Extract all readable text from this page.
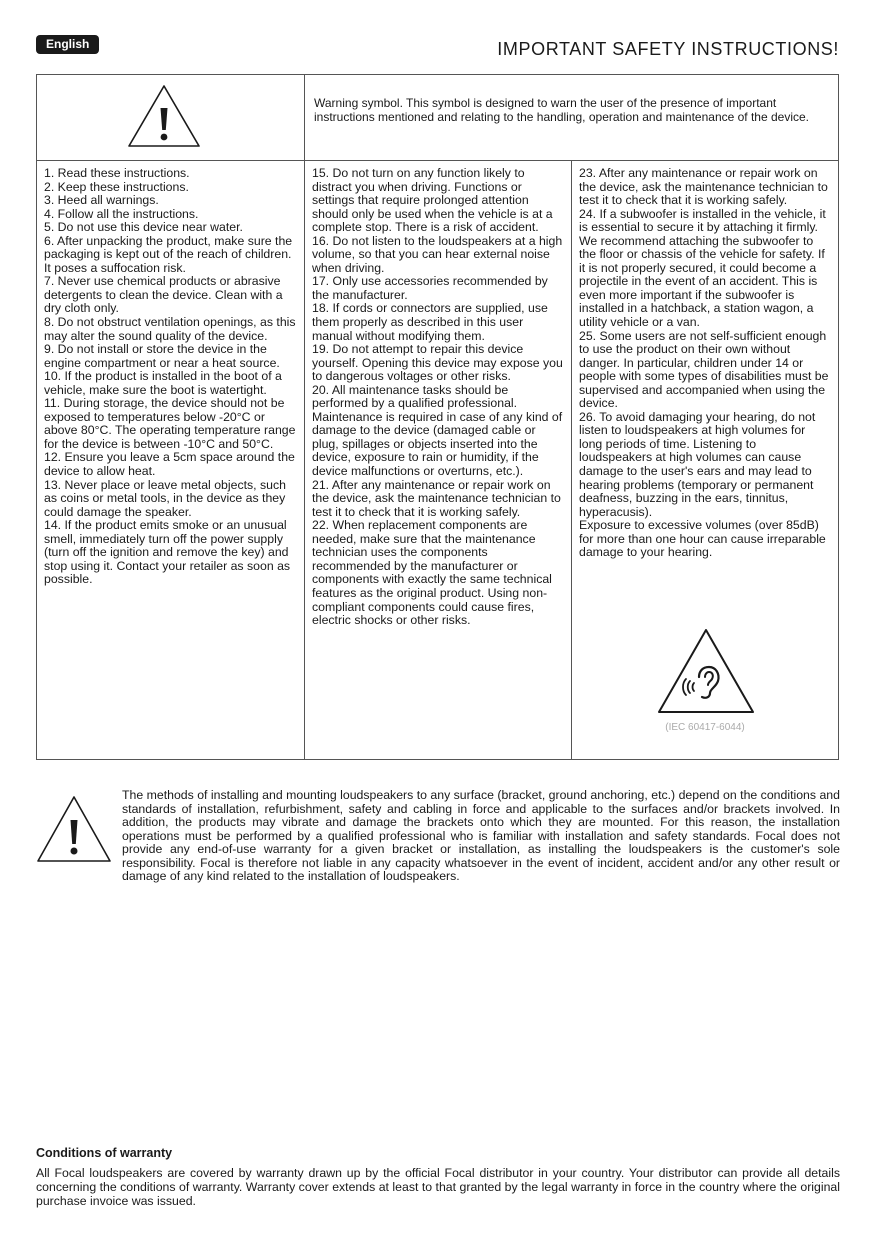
English	IMPORTANT SAFETY INSTRUCTIONS!
Warning symbol. This symbol is designed to warn the user of the presence of important instructions mentioned and relating to the handling, operation and maintenance of the device.

1. Read these instructions.

2. Keep these instructions.

3. Heed all warnings.

4. Follow all the instructions.

5. Do not use this device near water.

6. After unpacking the product, make sure the packaging is kept out of the reach of children. It poses a suffocation risk.

7. Never use chemical products or abrasive detergents to clean the device. Clean with a dry cloth only.

8. Do not obstruct ventilation openings, as this may alter the sound quality of the device.

9. Do not install or store the device in the engine compartment or near a heat source.

10. If the product is installed in the boot of a vehicle, make sure the boot is watertight.

11. During storage, the device should not be exposed to temperatures below -20°C or above 80°C. The operating temperature range for the device is between -10°C and 50°C.

12. Ensure you leave a 5cm space around the device to allow heat.

13. Never place or leave metal objects, such as coins or metal tools, in the device as they could damage the speaker.

14. If the product emits smoke or an unusual smell, immediately turn off the power supply (turn off the ignition and remove the key) and stop using it. Contact your retailer as soon as possible.

15. Do not turn on any function likely to distract you when driving. Functions or settings that require prolonged attention should only be used when the vehicle is at a complete stop. There is a risk of accident.

16. Do not listen to the loudspeakers at a high volume, so that you can hear external noise when driving.

17. Only use accessories recommended by the manufacturer.

18. If cords or connectors are supplied, use them properly as described in this user manual without modifying them.

19. Do not attempt to repair this device yourself. Opening this device may expose you to dangerous voltages or other risks.

20. All maintenance tasks should be performed by a qualified professional. Maintenance is required in case of any kind of damage to the device (damaged cable or plug, spillages or objects inserted into the device, exposure to rain or humidity, if the device malfunctions or overturns, etc.).

21. After any maintenance or repair work on the device, ask the maintenance technician to test it to check that it is working safely.

22. When replacement components are needed, make sure that the maintenance technician uses the components recommended by the manufacturer or components with exactly the same technical features as the original product. Using non-compliant components could cause fires, electric shocks or other risks.

23. After any maintenance or repair work on the device, ask the maintenance technician to test it to check that it is working safely.

24. If a subwoofer is installed in the vehicle, it is essential to secure it by attaching it firmly. We recommend attaching the subwoofer to the floor or chassis of the vehicle for safety. If it is not properly secured, it could become a projectile in the event of an accident. This is even more important if the subwoofer is installed in a hatchback, a station wagon, a utility vehicle or a van.

25. Some users are not self-sufficient enough to use the product on their own without danger. In particular, children under 14 or people with some types of disabilities must be supervised and accompanied when using the device.

26. To avoid damaging your hearing, do not listen to loudspeakers at high volumes for long periods of time. Listening to loudspeakers at high volumes can cause damage to the user's ears and may lead to hearing problems (temporary or permanent deafness, buzzing in the ears, tinnitus, hyperacusis).

Exposure to excessive volumes (over 85dB) for more than one hour can cause irreparable damage to your hearing.

(IEC 60417-6044)

The methods of installing and mounting loudspeakers to any surface (bracket, ground anchoring, etc.) depend on the conditions and standards of installation, refurbishment, safety and cabling in force and applicable to the surfaces and/or brackets involved. In addition, the products may vibrate and damage the brackets onto which they are mounted. For this reason, the installation operations must be performed by a qualified professional who is familiar with installation and safety standards. Focal does not provide any end-of-use warranty for a given bracket or installation, as installing the loudspeakers is the customer's sole responsibility. Focal is therefore not liable in any capacity whatsoever in the event of incident, accident and/or any other result or damage of any kind related to the installation of loudspeakers.

Conditions of warranty

All Focal loudspeakers are covered by warranty drawn up by the official Focal distributor in your country. Your distributor can provide all details concerning the conditions of warranty. Warranty cover extends at least to that granted by the legal warranty in force in the country where the original purchase invoice was issued.
